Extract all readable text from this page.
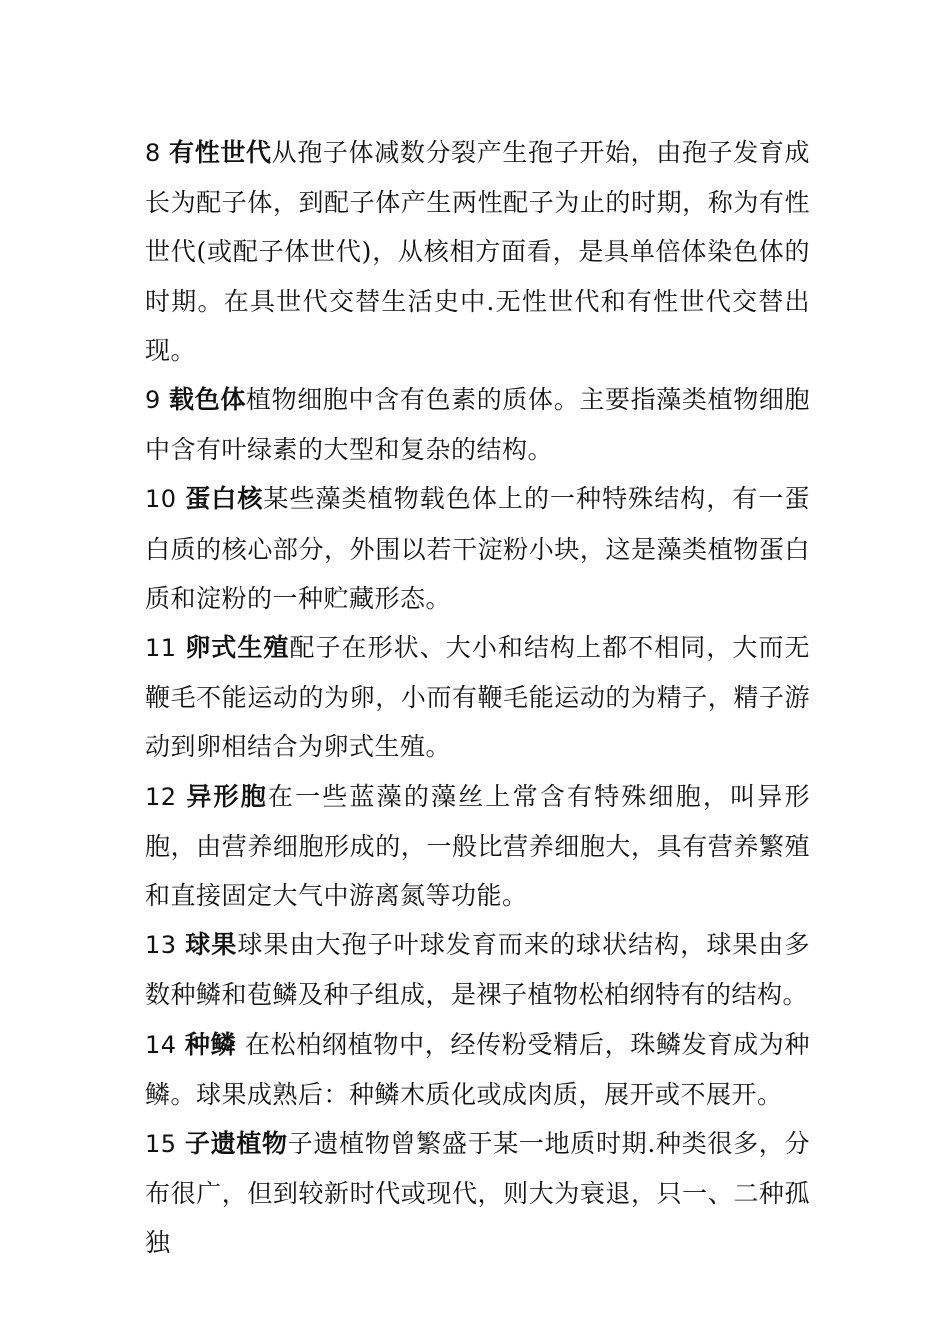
8 有性世代从孢子体减数分裂产生孢子开始，由孢子发育成长为配子体，到配子体产生两性配子为止的时期，称为有性世代(或配子体世代)，从核相方面看，是具单倍体染色体的时期。在具世代交替生活史中.无性世代和有性世代交替出现。

9 载色体植物细胞中含有色素的质体。主要指藻类植物细胞中含有叶绿素的大型和复杂的结构。

10 蛋白核某些藻类植物载色体上的一种特殊结构，有一蛋白质的核心部分，外围以若干淀粉小块，这是藻类植物蛋白质和淀粉的一种贮藏形态。

11 卵式生殖配子在形状、大小和结构上都不相同，大而无鞭毛不能运动的为卵，小而有鞭毛能运动的为精子，精子游动到卵相结合为卵式生殖。

12 异形胞在一些蓝藻的藻丝上常含有特殊细胞，叫异形胞，由营养细胞形成的，一般比营养细胞大，具有营养繁殖和直接固定大气中游离氮等功能。

13 球果球果由大孢子叶球发育而来的球状结构，球果由多数种鳞和苞鳞及种子组成，是裸子植物松柏纲特有的结构。

14 种鳞 在松柏纲植物中，经传粉受精后，珠鳞发育成为种鳞。球果成熟后：种鳞木质化或成肉质，展开或不展开。

15 子遗植物子遗植物曾繁盛于某一地质时期.种类很多，分布很广，但到较新时代或现代，则大为衰退，只一、二种孤独
